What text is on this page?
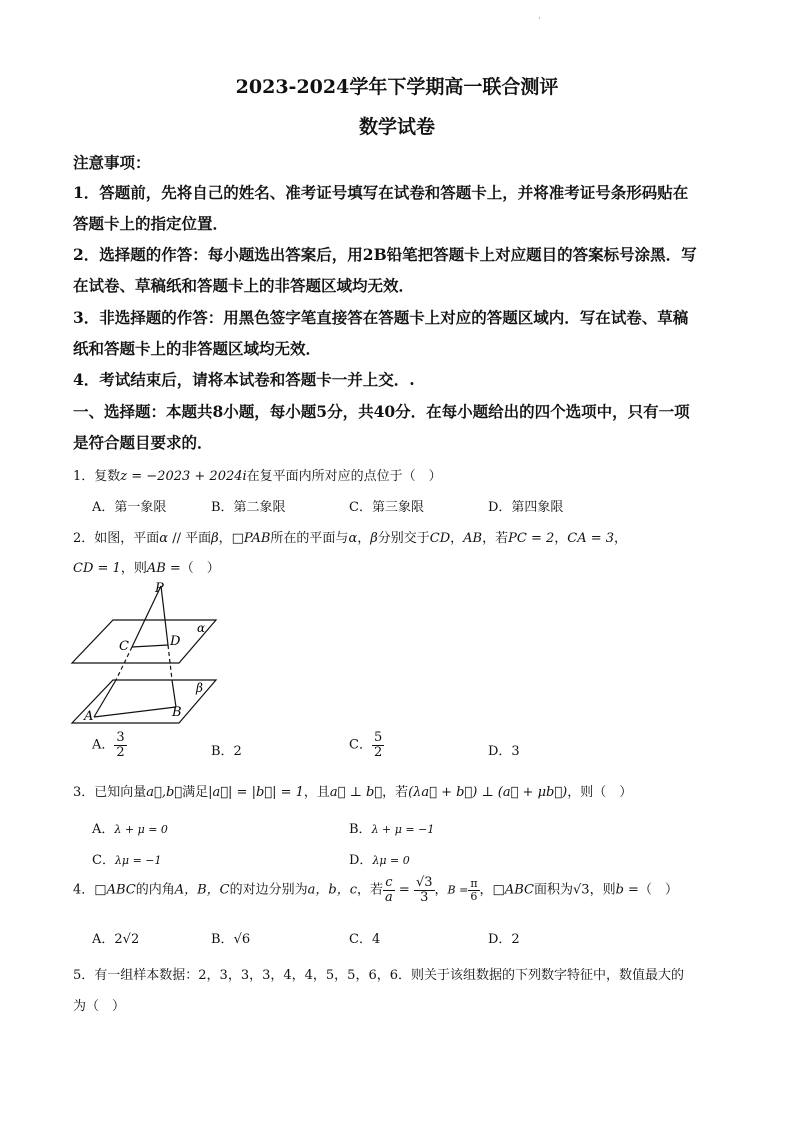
·
2023-2024学年下学期高一联合测评
数学试卷
注意事项：
1．答题前，先将自己的姓名、准考证号填写在试卷和答题卡上，并将准考证号条形码贴在
答题卡上的指定位置．
2．选择题的作答：每小题选出答案后，用2B铅笔把答题卡上对应题目的答案标号涂黑．写
在试卷、草稿纸和答题卡上的非答题区域均无效．
3．非选择题的作答：用黑色签字笔直接答在答题卡上对应的答题区域内．写在试卷、草稿
纸和答题卡上的非答题区域均无效．
4．考试结束后，请将本试卷和答题卡一并上交．.
一、选择题：本题共8小题，每小题5分，共40分．在每小题给出的四个选项中，只有一项
是符合题目要求的．
1．复数z = −2023 + 2024i在复平面内所对应的点位于（　）
A．第一象限	B．第二象限	C．第三象限	D．第四象限
2．如图，平面α // 平面β，□PAB所在的平面与α，β分别交于CD，AB，若PC = 2，CA = 3，
CD = 1，则AB =（　）
P
C	D
α
β
A	B
A． $\frac{3}{2}$	B．2	C． $\frac{5}{2}$	D．3
3．已知向量a⃗,b⃗满足|a⃗| = |b⃗| = 1，且a⃗ ⊥ b⃗，若(λa⃗ + b⃗) ⊥ (a⃗ + μb⃗)，则（　）
A．λ + μ = 0	B．λ + μ = −1
C．λμ = −1	D．λμ = 0
4．□ABC的内角A，B，C的对边分别为a，b，c，若 $\frac{c}{a} = \frac{√3}{3}$ ，$B = \frac{\pi}{6}$ ，□ABC面积为√3，则b =（　）
A．2√2	B．√6	C．4	D．2
5．有一组样本数据：2，3，3，3，4，4，5，5，6，6．则关于该组数据的下列数字特征中，数值最大的
为（　）
